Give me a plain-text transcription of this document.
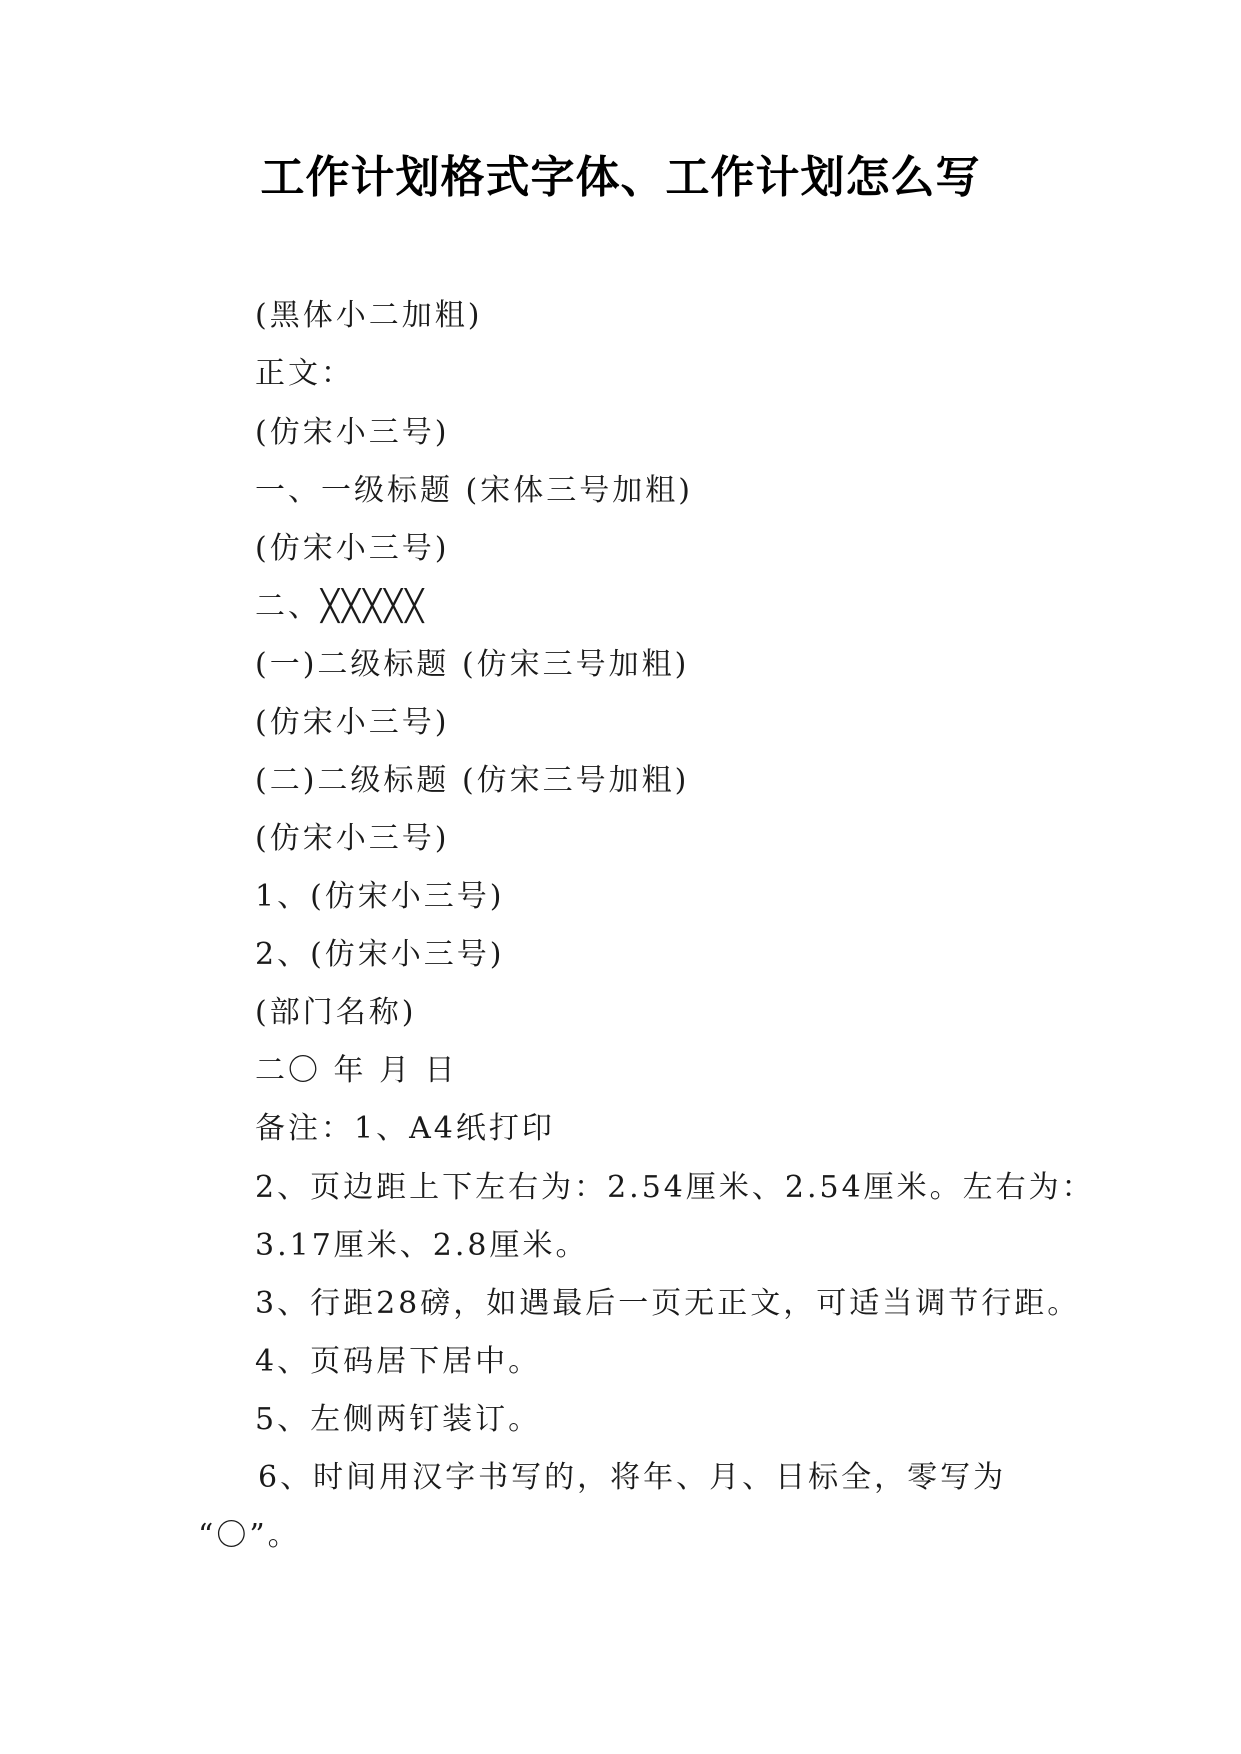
工作计划格式字体、工作计划怎么写

(黑体小二加粗)

正文：

(仿宋小三号)

一、一级标题 (宋体三号加粗)

(仿宋小三号)

二、╳╳╳╳╳

(一)二级标题 (仿宋三号加粗)

(仿宋小三号)

(二)二级标题 (仿宋三号加粗)

(仿宋小三号)

1、(仿宋小三号)

2、(仿宋小三号)

(部门名称)

二〇 年 月 日

备注：1、A4纸打印

2、页边距上下左右为：2.54厘米、2.54厘米。左右为：

3.17厘米、2.8厘米。

3、行距28磅，如遇最后一页无正文，可适当调节行距。

4、页码居下居中。

5、左侧两钉装订。

6、时间用汉字书写的，将年、月、日标全，零写为

“〇”。
